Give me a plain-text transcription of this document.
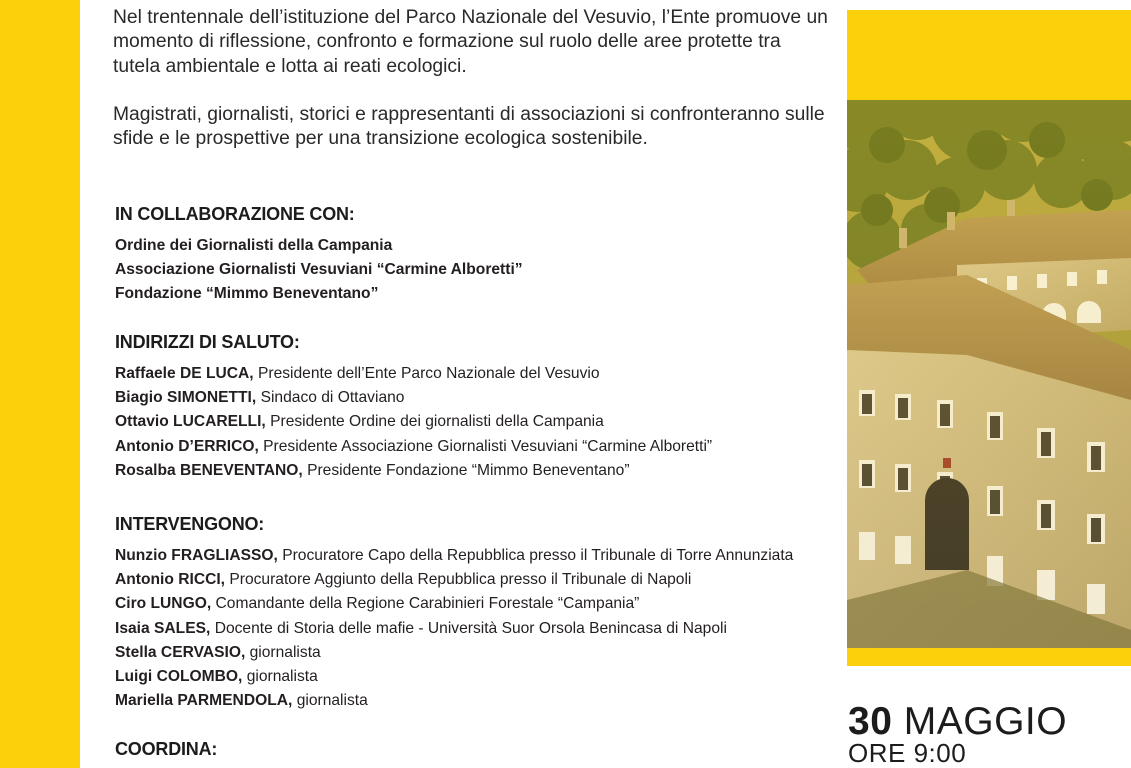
Nel trentennale dell’istituzione del Parco Nazionale del Vesuvio, l’Ente promuove un momento di riflessione, confronto e formazione sul ruolo delle aree protette tra tutela ambientale e lotta ai reati ecologici.

Magistrati, giornalisti, storici e rappresentanti di associazioni si confronteranno sulle sfide e le prospettive per una transizione ecologica sostenibile.

IN COLLABORAZIONE CON:
Ordine dei Giornalisti della Campania
Associazione Giornalisti Vesuviani “Carmine Alboretti”
Fondazione “Mimmo Beneventano”
INDIRIZZI DI SALUTO:
Raffaele DE LUCA, Presidente dell’Ente Parco Nazionale del Vesuvio
Biagio SIMONETTI, Sindaco di Ottaviano
Ottavio LUCARELLI, Presidente Ordine dei giornalisti della Campania
Antonio D’ERRICO, Presidente Associazione Giornalisti Vesuviani “Carmine Alboretti”
Rosalba BENEVENTANO, Presidente Fondazione “Mimmo Beneventano”
INTERVENGONO:
Nunzio FRAGLIASSO, Procuratore Capo della Repubblica presso il Tribunale di Torre Annunziata
Antonio RICCI, Procuratore Aggiunto della Repubblica presso il Tribunale di Napoli
Ciro LUNGO, Comandante della Regione Carabinieri Forestale “Campania”
Isaia SALES, Docente di Storia delle mafie - Università Suor Orsola Benincasa di Napoli
Stella CERVASIO, giornalista
Luigi COLOMBO, giornalista
Mariella PARMENDOLA, giornalista
COORDINA:
30 MAGGIO
ORE 9:00
